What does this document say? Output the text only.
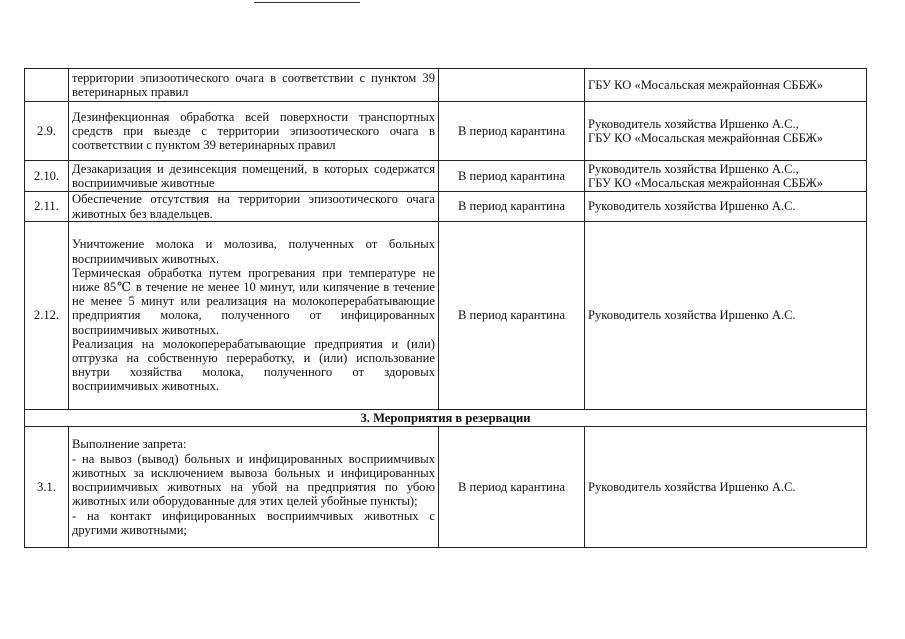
	территории эпизоотического очага в соответствии с пунктом 39 ветеринарных правил		ГБУ КО «Мосальская межрайонная СББЖ»

2.9.	Дезинфекционная обработка всей поверхности транспортных средств при выезде с территории эпизоотического очага в соответствии с пунктом 39 ветеринарных правил	В период карантина	Руководитель хозяйства Иршенко А.С.,
ГБУ КО «Мосальская межрайонная СББЖ»

2.10.	Дезакаризация и дезинсекция помещений, в которых содержатся восприимчивые животные	В период карантина	Руководитель хозяйства Иршенко А.С.,
ГБУ КО «Мосальская межрайонная СББЖ»

2.11.	Обеспечение отсутствия на территории эпизоотического очага животных без владельцев.	В период карантина	Руководитель хозяйства Иршенко А.С.

2.12.	Уничтожение молока и молозива, полученных от больных восприимчивых животных.
Термическая обработка путем прогревания при температуре не ниже 85℃ в течение не менее 10 минут, или кипячение в течение не менее 5 минут или реализация на молокоперерабатывающие предприятия молока, полученного от инфицированных восприимчивых животных.
Реализация на молокоперерабатывающие предприятия и (или) отгрузка на собственную переработку, и (или) использование внутри хозяйства молока, полученного от здоровых восприимчивых животных.	В период карантина	Руководитель хозяйства Иршенко А.С.

3. Мероприятия в резервации			
3.1.	Выполнение запрета:
- на вывоз (вывод) больных и инфицированных восприимчивых животных за исключением вывоза больных и инфицированных восприимчивых животных на убой на предприятия по убою животных или оборудованные для этих целей убойные пункты);
- на контакт инфицированных восприимчивых животных с другими животными;	В период карантина	Руководитель хозяйства Иршенко А.С.
